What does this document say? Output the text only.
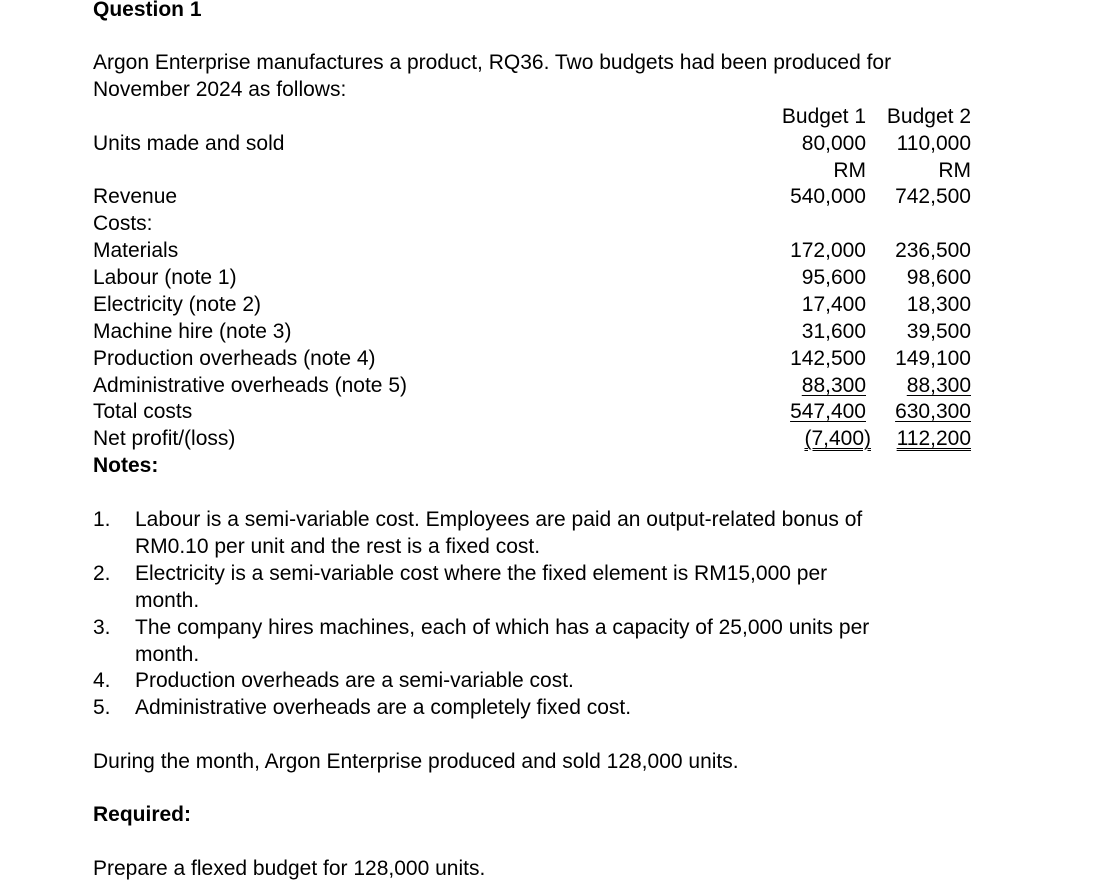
Question 1
Argon Enterprise manufactures a product, RQ36. Two budgets had been produced for
November 2024 as follows:
Budget 1 Budget 2
Units made and sold	80,000 110,000
RM	RM
Revenue	540,000 742,500
Costs:
Materials	172,000 236,500
Labour (note 1)	95,600 98,600
Electricity (note 2)	17,400 18,300
Machine hire (note 3)	31,600 39,500
Production overheads (note 4)	142,500 149,100
Administrative overheads (note 5)	88,300 88,300
Total costs	547,400 630,300
Net profit/(loss)	(7,400) 112,200
Notes:
1. Labour is a semi-variable cost. Employees are paid an output-related bonus of
RM0.10 per unit and the rest is a fixed cost.
2. Electricity is a semi-variable cost where the fixed element is RM15,000 per
month.
3. The company hires machines, each of which has a capacity of 25,000 units per
month.
4. Production overheads are a semi-variable cost.
5. Administrative overheads are a completely fixed cost.
During the month, Argon Enterprise produced and sold 128,000 units.
Required:
Prepare a flexed budget for 128,000 units.
